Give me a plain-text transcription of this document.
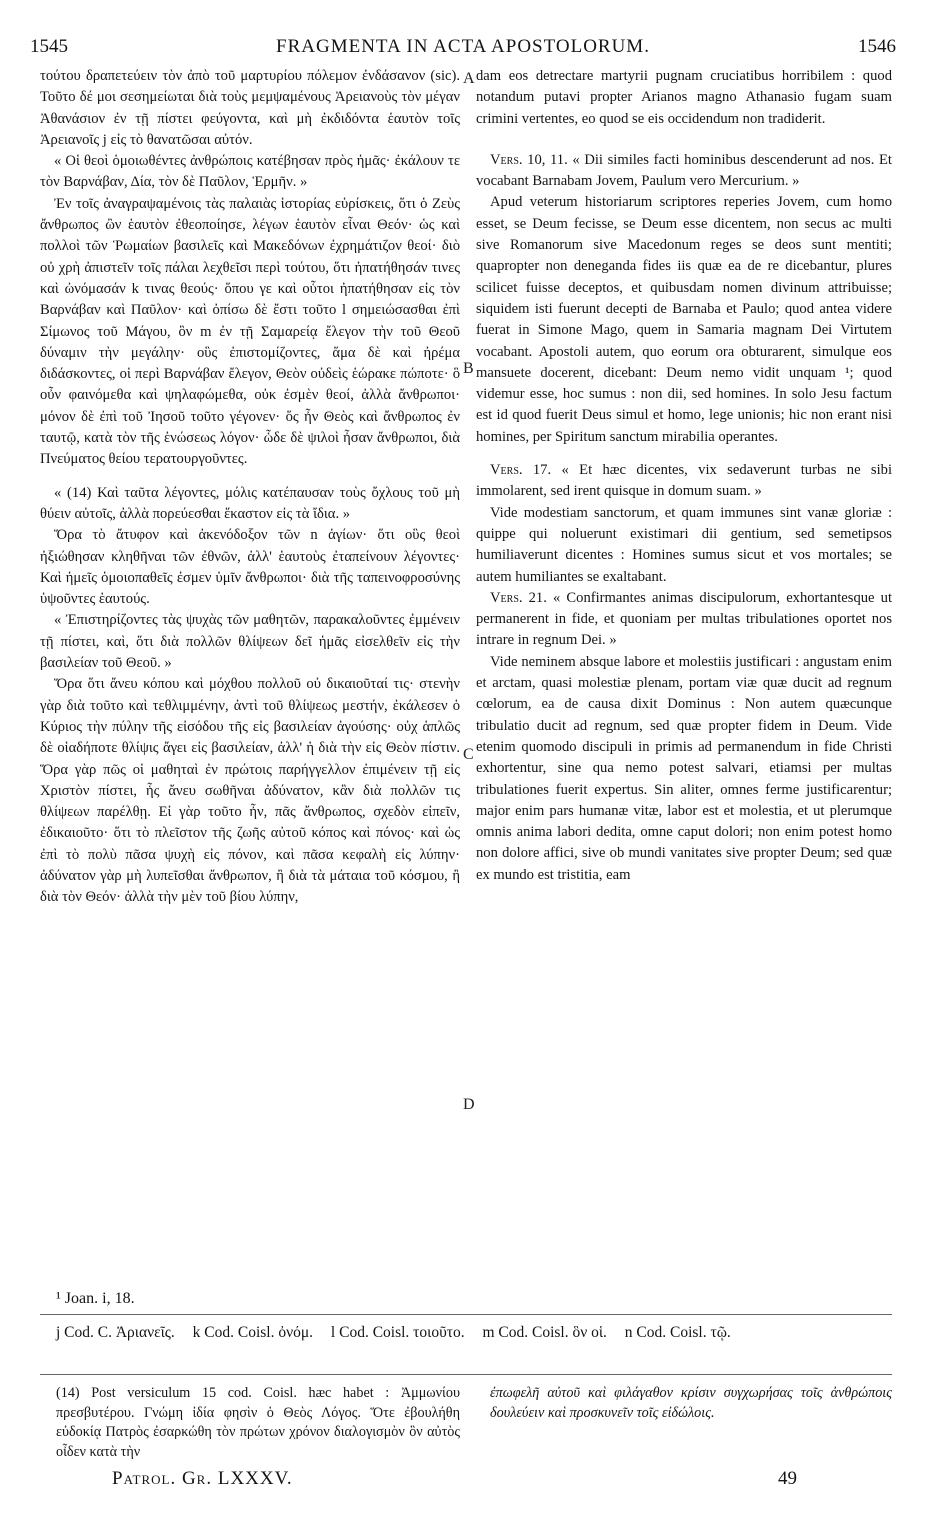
1545	FRAGMENTA IN ACTA APOSTOLORUM.	1546

τούτου δραπετεύειν τὸν ἀπὸ τοῦ μαρτυρίου πόλεμον ἐνδάσανον (sic). Τοῦτο δέ μοι σεσημείωται διὰ τοὺς μεμψαμένους Ἀρειανοὺς τὸν μέγαν Ἀθανάσιον ἐν τῇ πίστει φεύγοντα, καὶ μὴ ἐκδιδόντα ἑαυτὸν τοῖς Ἀρειανοῖς j εἰς τὸ θανατῶσαι αὐτόν.

« Οἱ θεοὶ ὁμοιωθέντες ἀνθρώποις κατέβησαν πρὸς ἡμᾶς· ἐκάλουν τε τὸν Βαρνάβαν, Δία, τὸν δὲ Παῦλον, Ἑρμῆν. »

Ἐν τοῖς ἀναγραψαμένοις τὰς παλαιὰς ἱστορίας εὑρίσκεις, ὅτι ὁ Ζεὺς ἄνθρωπος ὢν ἑαυτὸν ἐθεοποίησε, λέγων ἑαυτὸν εἶναι Θεόν· ὡς καὶ πολλοὶ τῶν Ῥωμαίων βασιλεῖς καὶ Μακεδόνων ἐχρημάτιζον θεοί· διὸ οὐ χρὴ ἀπιστεῖν τοῖς πάλαι λεχθεῖσι περὶ τούτου, ὅτι ἠπατήθησάν τινες καὶ ὠνόμασάν k τινας θεούς· ὅπου γε καὶ οὗτοι ἠπατήθησαν εἰς τὸν Βαρνάβαν καὶ Παῦλον· καὶ ὀπίσω δὲ ἔστι τοῦτο l σημειώσασθαι ἐπὶ Σίμωνος τοῦ Μάγου, ὃν m ἐν τῇ Σαμαρείᾳ ἔλεγον τὴν τοῦ Θεοῦ δύναμιν τὴν μεγάλην· οὓς ἐπιστομίζοντες, ἅμα δὲ καὶ ἠρέμα διδάσκοντες, οἱ περὶ Βαρνάβαν ἔλεγον, Θεὸν οὐδεὶς ἑώρακε πώποτε· ὃ οὖν φαινόμεθα καὶ ψηλαφώμεθα, οὐκ ἐσμὲν θεοί, ἀλλὰ ἄνθρωποι· μόνον δὲ ἐπὶ τοῦ Ἰησοῦ τοῦτο γέγονεν· ὅς ἦν Θεὸς καὶ ἄνθρωπος ἐν ταυτῷ, κατὰ τὸν τῆς ἑνώσεως λόγον· ὧδε δὲ ψιλοὶ ἦσαν ἄνθρωποι, διὰ Πνεύματος θείου τερατουργοῦντες.

« (14) Καὶ ταῦτα λέγοντες, μόλις κατέπαυσαν τοὺς ὄχλους τοῦ μὴ θύειν αὐτοῖς, ἀλλὰ πορεύεσθαι ἕκαστον εἰς τὰ ἴδια. »

Ὅρα τὸ ἄτυφον καὶ ἀκενόδοξον τῶν n ἁγίων· ὅτι οὓς θεοὶ ἠξιώθησαν κληθῆναι τῶν ἐθνῶν, ἀλλ' ἑαυτοὺς ἐταπείνουν λέγοντες· Καὶ ἡμεῖς ὁμοιοπαθεῖς ἐσμεν ὑμῖν ἄνθρωποι· διὰ τῆς ταπεινοφροσύνης ὑψοῦντες ἑαυτούς.

« Ἐπιστηρίζοντες τὰς ψυχὰς τῶν μαθητῶν, παρακαλοῦντες ἐμμένειν τῇ πίστει, καὶ, ὅτι διὰ πολλῶν θλίψεων δεῖ ἡμᾶς εἰσελθεῖν εἰς τὴν βασιλείαν τοῦ Θεοῦ. »

Ὅρα ὅτι ἄνευ κόπου καὶ μόχθου πολλοῦ οὐ δικαιοῦταί τις· στενὴν γὰρ διὰ τοῦτο καὶ τεθλιμμένην, ἀντὶ τοῦ θλίψεως μεστήν, ἐκάλεσεν ὁ Κύριος τὴν πύλην τῆς εἰσόδου τῆς εἰς βασιλείαν ἀγούσης· οὐχ ἁπλῶς δὲ οἱαδήποτε θλίψις ἄγει εἰς βασιλείαν, ἀλλ' ἡ διὰ τὴν εἰς Θεὸν πίστιν. Ὅρα γὰρ πῶς οἱ μαθηταὶ ἐν πρώτοις παρήγγελλον ἐπιμένειν τῇ εἰς Χριστὸν πίστει, ἧς ἄνευ σωθῆναι ἀδύνατον, κἂν διὰ πολλῶν τις θλίψεων παρέλθῃ. Εἰ γὰρ τοῦτο ἦν, πᾶς ἄνθρωπος, σχεδὸν εἰπεῖν, ἐδικαιοῦτο· ὅτι τὸ πλεῖστον τῆς ζωῆς αὐτοῦ κόπος καὶ πόνος· καὶ ὡς ἐπὶ τὸ πολὺ πᾶσα ψυχὴ εἰς πόνον, καὶ πᾶσα κεφαλὴ εἰς λύπην· ἀδύνατον γὰρ μὴ λυπεῖσθαι ἄνθρωπον, ἢ διὰ τὰ μάταια τοῦ κόσμου, ἢ διὰ τὸν Θεόν· ἀλλὰ τὴν μὲν τοῦ βίου λύπην,

dam eos detrectare martyrii pugnam cruciatibus horribilem : quod notandum putavi propter Arianos magno Athanasio fugam suam crimini vertentes, eo quod se eis occidendum non tradiderit.

Vers. 10, 11. « Dii similes facti hominibus descenderunt ad nos. Et vocabant Barnabam Jovem, Paulum vero Mercurium. »

Apud veterum historiarum scriptores reperies Jovem, cum homo esset, se Deum fecisse, se Deum esse dicentem, non secus ac multi sive Romanorum sive Macedonum reges se deos sunt mentiti; quapropter non deneganda fides iis quæ ea de re dicebantur, plures scilicet fuisse deceptos, et quibusdam nomen divinum attribuisse; siquidem isti fuerunt decepti de Barnaba et Paulo; quod antea videre fuerat in Simone Mago, quem in Samaria magnam Dei Virtutem vocabant. Apostoli autem, quo eorum ora obturarent, simulque eos mansuete docerent, dicebant: Deum nemo vidit unquam ¹; quod videmur esse, hoc sumus : non dii, sed homines. In solo Jesu factum est id quod fuerit Deus simul et homo, lege unionis; hic non erant nisi homines, per Spiritum sanctum mirabilia operantes.

Vers. 17. « Et hæc dicentes, vix sedaverunt turbas ne sibi immolarent, sed irent quisque in domum suam. »

Vide modestiam sanctorum, et quam immunes sint vanæ gloriæ : quippe qui noluerunt existimari dii gentium, sed semetipsos humiliaverunt dicentes : Homines sumus sicut et vos mortales; se autem humiliantes se exaltabant.

Vers. 21. « Confirmantes animas discipulorum, exhortantesque ut permanerent in fide, et quoniam per multas tribulationes oportet nos intrare in regnum Dei. »

Vide neminem absque labore et molestiis justificari : angustam enim et arctam, quasi molestiæ plenam, portam viæ quæ ducit ad regnum cœlorum, ea de causa dixit Dominus : Non autem quæcunque tribulatio ducit ad regnum, sed quæ propter fidem in Deum. Vide etenim quomodo discipuli in primis ad permanendum in fide Christi exhortentur, sine qua nemo potest salvari, etiamsi per multas tribulationes fuerit expertus. Sin aliter, omnes ferme justificarentur; major enim pars humanæ vitæ, labor est et molestia, et ut plerumque omnis anima labori dedita, omne caput dolori; non enim potest homo non dolore affici, sive ob mundi vanitates sive propter Deum; sed quæ ex mundo est tristitia, eam

A
B
C
D
¹ Joan. i, 18.
j Cod. C. Ἀριανεῖς. k Cod. Coisl. ὀνόμ. l Cod. Coisl. τοιοῦτο. m Cod. Coisl. ὃν οἱ. n Cod. Coisl. τῷ.
(14) Post versiculum 15 cod. Coisl. hæc habet : Ἀμμωνίου πρεσβυτέρου. Γνώμη ἰδία φησὶν ὁ Θεὸς Λόγος. Ὅτε ἐβουλήθη εὐδοκίᾳ Πατρὸς ἐσαρκώθη τὸν πρώτων χρόνον διαλογισμὸν ὃν αὐτὸς οἶδεν κατὰ τὴν
ἐπωφελῆ αὐτοῦ καὶ φιλάγαθον κρίσιν συγχωρήσας τοῖς ἀνθρώποις δουλεύειν καὶ προσκυνεῖν τοῖς εἰδώλοις.
Patrol. Gr. LXXXV.	49
